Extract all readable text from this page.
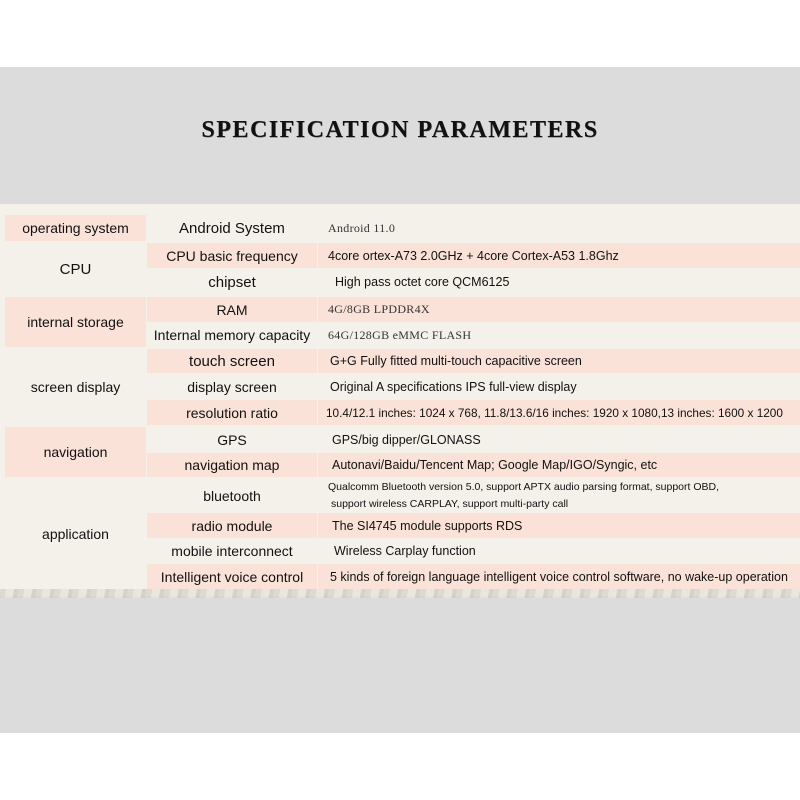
SPECIFICATION PARAMETERS
operating system	Android System	Android 11.0
CPU
CPU basic frequency	4core ortex-A73 2.0GHz + 4core Cortex-A53 1.8Ghz
chipset	High pass octet core QCM6125
internal storage
RAM	4G/8GB LPDDR4X
Internal memory capacity	64G/128GB eMMC FLASH
screen display
touch screen	G+G Fully fitted multi-touch capacitive screen
display screen	Original A specifications IPS full-view display
resolution ratio	10.4/12.1 inches: 1024 x 768, 11.8/13.6/16 inches: 1920 x 1080,13 inches: 1600 x 1200
navigation
GPS	GPS/big dipper/GLONASS
navigation map	Autonavi/Baidu/Tencent Map; Google Map/IGO/Syngic, etc
application
bluetooth
Qualcomm Bluetooth version 5.0, support APTX audio parsing format, support OBD,
support wireless CARPLAY, support multi-party call
radio module	The SI4745 module supports RDS
mobile interconnect	Wireless Carplay function
Intelligent voice control	5 kinds of foreign language intelligent voice control software, no wake-up operation
